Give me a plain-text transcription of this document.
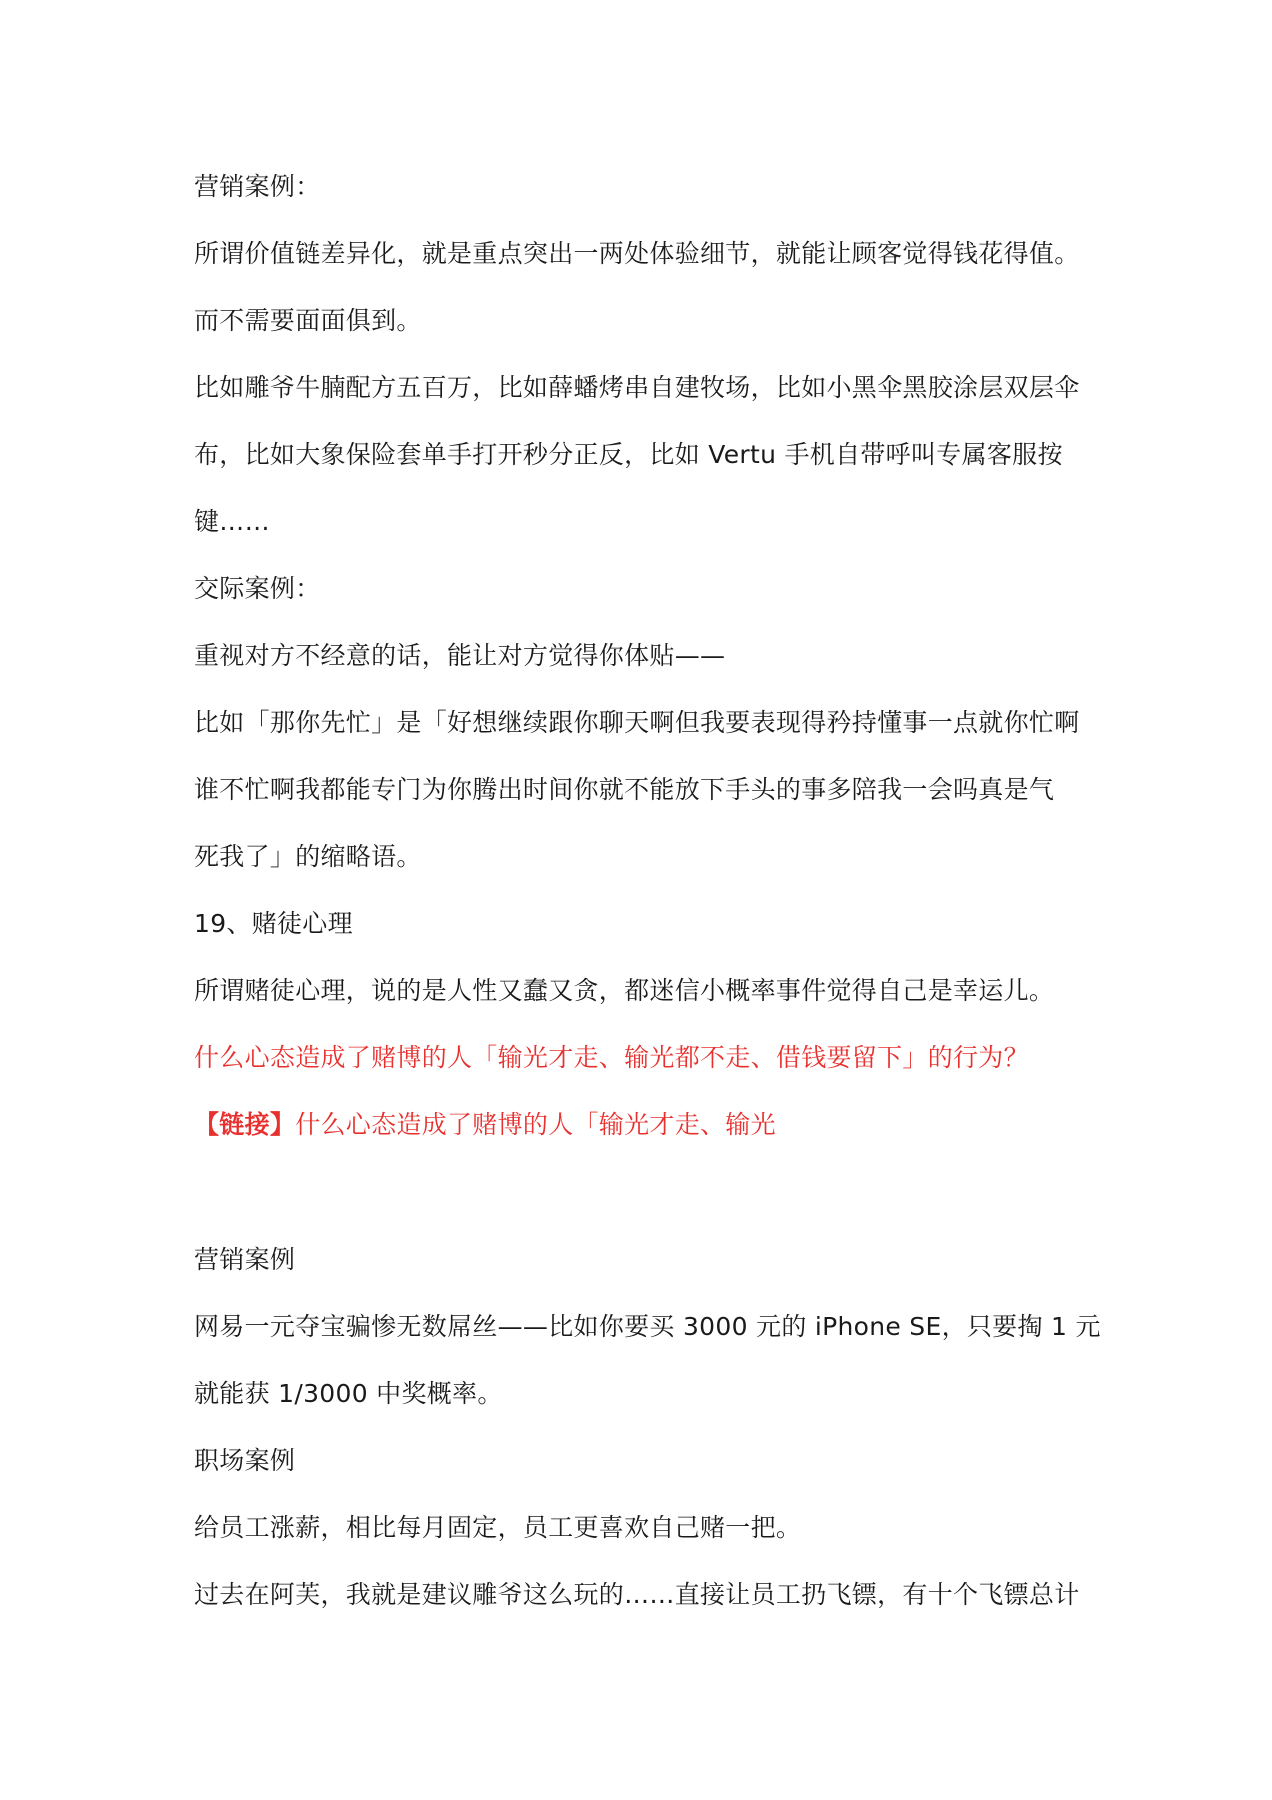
营销案例：
所谓价值链差异化，就是重点突出一两处体验细节，就能让顾客觉得钱花得值。
而不需要面面俱到。
比如雕爷牛腩配方五百万，比如薛蟠烤串自建牧场，比如小黑伞黑胶涂层双层伞
布，比如大象保险套单手打开秒分正反，比如 Vertu 手机自带呼叫专属客服按
键……
交际案例：
重视对方不经意的话，能让对方觉得你体贴——
比如「那你先忙」是「好想继续跟你聊天啊但我要表现得矜持懂事一点就你忙啊
谁不忙啊我都能专门为你腾出时间你就不能放下手头的事多陪我一会吗真是气
死我了」的缩略语。
19、赌徒心理
所谓赌徒心理，说的是人性又蠢又贪，都迷信小概率事件觉得自己是幸运儿。
什么心态造成了赌博的人「输光才走、输光都不走、借钱要留下」的行为？
【链接】什么心态造成了赌博的人「输光才走、输光
营销案例
网易一元夺宝骗惨无数屌丝——比如你要买 3000 元的 iPhone SE，只要掏 1 元
就能获 1/3000 中奖概率。
职场案例
给员工涨薪，相比每月固定，员工更喜欢自己赌一把。
过去在阿芙，我就是建议雕爷这么玩的……直接让员工扔飞镖，有十个飞镖总计
